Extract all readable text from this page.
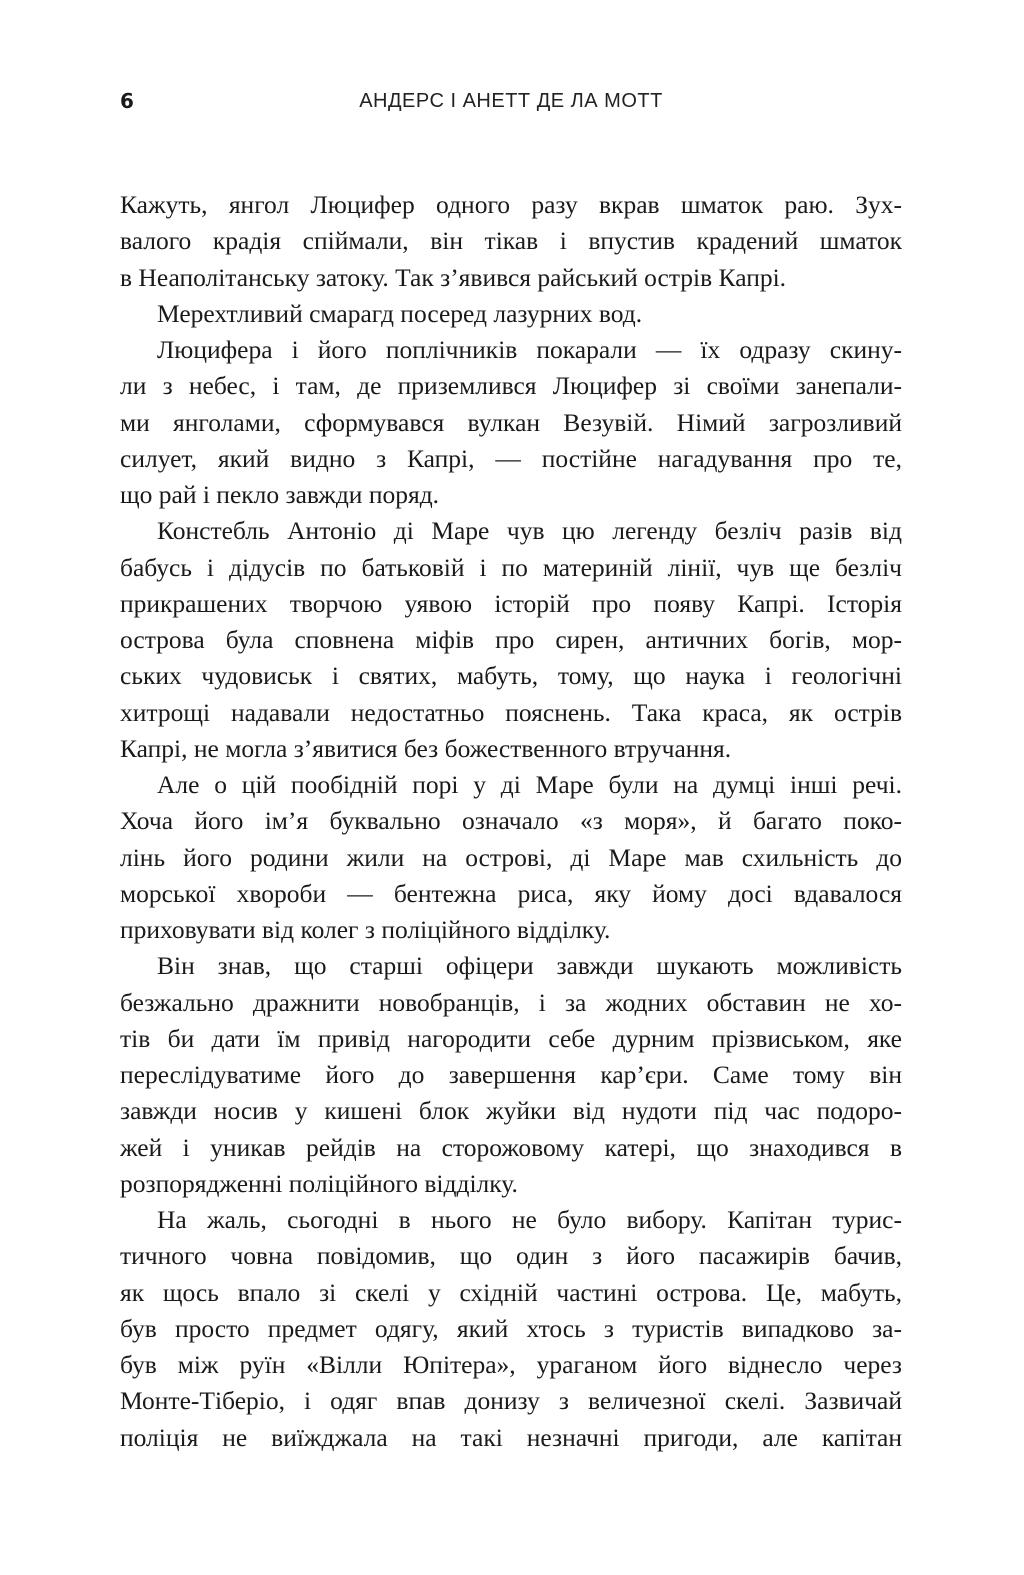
6	АНДЕРС І АНЕТТ ДЕ ЛА МОТТ
Кажуть, янгол Люцифер одного разу вкрав шматок раю. Зух-
валого крадія спіймали, він тікав і впустив крадений шматок
в Неаполітанську затоку. Так з’явився райський острів Капрі.
Мерехтливий смарагд посеред лазурних вод.
Люцифера і його поплічників покарали — їх одразу скину-
ли з небес, і там, де приземлився Люцифер зі своїми занепали-
ми янголами, сформувався вулкан Везувій. Німий загрозливий
силует, який видно з Капрі, — постійне нагадування про те,
що рай і пекло завжди поряд.
Констебль Антоніо ді Маре чув цю легенду безліч разів від
бабусь і дідусів по батьковій і по материній лінії, чув ще безліч
прикрашених творчою уявою історій про появу Капрі. Історія
острова була сповнена міфів про сирен, античних богів, мор-
ських чудовиськ і святих, мабуть, тому, що наука і геологічні
хитрощі надавали недостатньо пояснень. Така краса, як острів
Капрі, не могла з’явитися без божественного втручання.
Але о цій пообідній порі у ді Маре були на думці інші речі.
Хоча його ім’я буквально означало «з моря», й багато поко-
лінь його родини жили на острові, ді Маре мав схильність до
морської хвороби — бентежна риса, яку йому досі вдавалося
приховувати від колег з поліційного відділку.
Він знав, що старші офіцери завжди шукають можливість
безжально дражнити новобранців, і за жодних обставин не хо-
тів би дати їм привід нагородити себе дурним прізвиськом, яке
переслідуватиме його до завершення кар’єри. Саме тому він
завжди носив у кишені блок жуйки від нудоти під час подоро-
жей і уникав рейдів на сторожовому катері, що знаходився в
розпорядженні поліційного відділку.
На жаль, сьогодні в нього не було вибору. Капітан турис-
тичного човна повідомив, що один з його пасажирів бачив,
як щось впало зі скелі у східній частині острова. Це, мабуть,
був просто предмет одягу, який хтось з туристів випадково за-
був між руїн «Вілли Юпітера», ураганом його віднесло через
Монте-Тіберіо, і одяг впав донизу з величезної скелі. Зазвичай
поліція не виїжджала на такі незначні пригоди, але капітан
